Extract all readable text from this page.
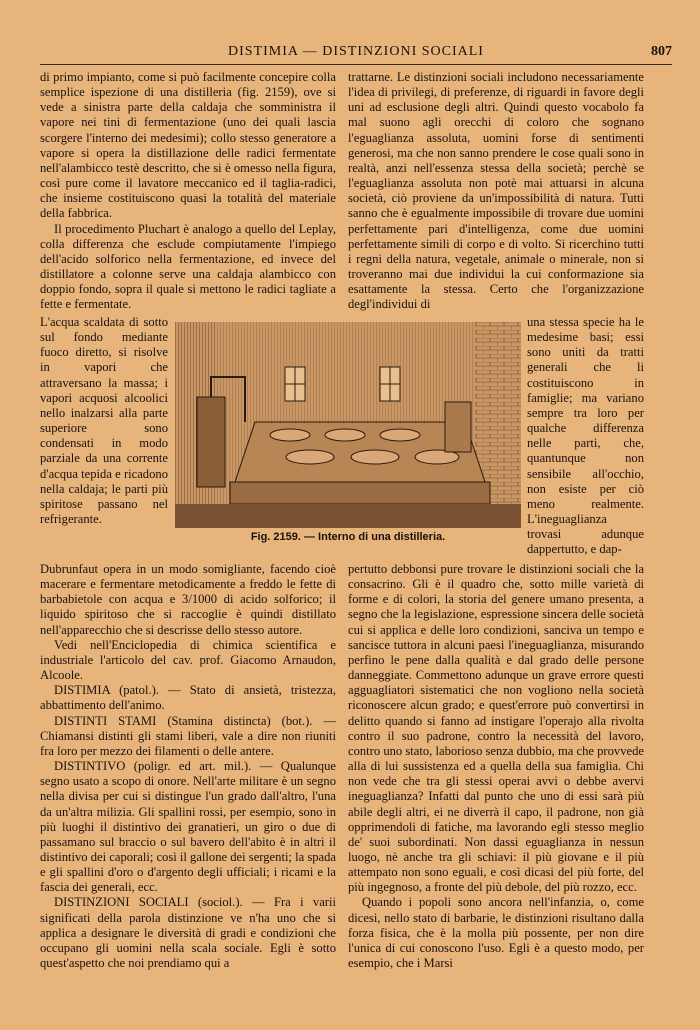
DISTIMIA — DISTINZIONI SOCIALI	807

di primo impianto, come si può facilmente concepire colla semplice ispezione di una distilleria (fig. 2159), ove si vede a sinistra parte della caldaja che somministra il vapore nei tini di fermentazione (uno dei quali lascia scorgere l'interno dei medesimi); collo stesso generatore a vapore si opera la distillazione delle radici fermentate nell'alambicco testè descritto, che si è omesso nella figura, così pure come il lavatore meccanico ed il taglia-radici, che insieme costituiscono quasi la totalità del materiale della fabbrica.

Il procedimento Pluchart è analogo a quello del Leplay, colla differenza che esclude compiutamente l'impiego dell'acido solforico nella fermentazione, ed invece del distillatore a colonne serve una caldaja alambicco con doppio fondo, sopra il quale si mettono le radici tagliate a fette e fermentate.

trattarne. Le distinzioni sociali includono necessariamente l'idea di privilegi, di preferenze, di riguardi in favore degli uni ad esclusione degli altri. Quindi questo vocabolo fa mal suono agli orecchi di coloro che sognano l'eguaglianza assoluta, uomini forse di sentimenti generosi, ma che non sanno prendere le cose quali sono in realtà, anzi nell'essenza stessa della società; perchè se l'eguaglianza assoluta non potè mai attuarsi in alcuna società, ciò proviene da un'impossibilità di natura. Tutti sanno che è egualmente impossibile di trovare due uomini perfettamente pari d'intelligenza, come due uomini perfettamente simili di corpo e di volto. Si ricerchino tutti i regni della natura, vegetale, animale o minerale, non si troveranno mai due individui la cui conformazione sia esattamente la stessa. Certo che l'organizzazione degl'individui di

L'acqua scaldata di sotto sul fondo mediante fuoco diretto, si risolve in vapori che attraversano la massa; i vapori acquosi alcoolici nello inalzarsi alla parte superiore sono condensati in modo parziale da una corrente d'acqua tepida e ricadono nella caldaja; le parti più spiritose passano nel refrigerante.
una stessa specie ha le medesime basi; essi sono uniti da tratti generali che li costituiscono in famiglie; ma variano sempre tra loro per qualche differenza nelle parti, che, quantunque non sensibile all'occhio, non esiste per ciò meno realmente. L'ineguaglianza trovasi adunque dappertutto, e dap-
Fig. 2159. — Interno di una distilleria.

Dubrunfaut opera in un modo somigliante, facendo cioè macerare e fermentare metodicamente a freddo le fette di barbabietole con acqua e 3/1000 di acido solforico; il liquido spiritoso che si raccoglie è quindi distillato nell'apparecchio che si descrisse dello stesso autore.

Vedi nell'Enciclopedia di chimica scientifica e industriale l'articolo del cav. prof. Giacomo Arnaudon, Alcoole.

DISTIMIA (patol.). — Stato di ansietà, tristezza, abbattimento dell'animo.

DISTINTI STAMI (Stamina distincta) (bot.). — Chiamansi distinti gli stami liberi, vale a dire non riuniti fra loro per mezzo dei filamenti o delle antere.

DISTINTIVO (poligr. ed art. mil.). — Qualunque segno usato a scopo di onore. Nell'arte militare è un segno nella divisa per cui si distingue l'un grado dall'altro, l'una da un'altra milizia. Gli spallini rossi, per esempio, sono in più luoghi il distintivo dei granatieri, un giro o due di passamano sul braccio o sul bavero dell'abito è in altri il distintivo dei caporali; così il gallone dei sergenti; la spada e gli spallini d'oro o d'argento degli ufficiali; i ricami e la fascia dei generali, ecc.

DISTINZIONI SOCIALI (sociol.). — Fra i varii significati della parola distinzione ve n'ha uno che si applica a designare le diversità di gradi e condizioni che occupano gli uomini nella scala sociale. Egli è sotto quest'aspetto che noi prendiamo qui a

pertutto debbonsi pure trovare le distinzioni sociali che la consacrino. Gli è il quadro che, sotto mille varietà di forme e di colori, la storia del genere umano presenta, a segno che la legislazione, espressione sincera delle società cui si applica e delle loro condizioni, sanciva un tempo e sancisce tuttora in alcuni paesi l'ineguaglianza, misurando perfino le pene dalla qualità e dal grado delle persone danneggiate. Commettono adunque un grave errore questi agguagliatori sistematici che non vogliono nella società riconoscere alcun grado; e quest'errore può convertirsi in delitto quando si fanno ad instigare l'operajo alla rivolta contro il suo padrone, contro la necessità del lavoro, contro uno stato, laborioso senza dubbio, ma che provvede alla di lui sussistenza ed a quella della sua famiglia. Chi non vede che tra gli stessi operai avvi o debbe avervi ineguaglianza? Infatti dal punto che uno di essi sarà più abile degli altri, ei ne diverrà il capo, il padrone, non già opprimendoli di fatiche, ma lavorando egli stesso meglio de' suoi subordinati. Non dassi eguaglianza in nessun luogo, nè anche tra gli schiavi: il più giovane e il più attempato non sono eguali, e così dicasi del più forte, del più ingegnoso, a fronte del più debole, del più rozzo, ecc.

Quando i popoli sono ancora nell'infanzia, o, come dicesi, nello stato di barbarie, le distinzioni risultano dalla forza fisica, che è la molla più possente, per non dire l'unica di cui conoscono l'uso. Egli è a questo modo, per esempio, che i Marsi
